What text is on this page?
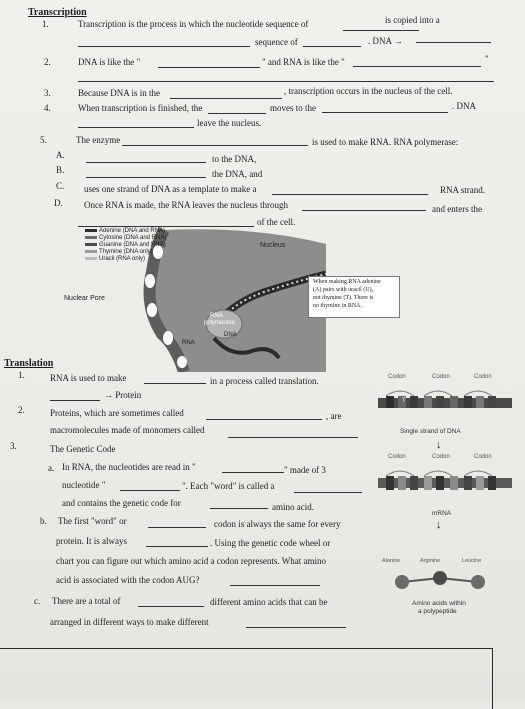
Transcription
1.	Transcription is the process in which the nucleotide sequence of	is copied into a
sequence of	. DNA →
2.	DNA is like the "	" and RNA is like the "	"
3.	Because DNA is in the	, transcription occurs in the nucleus of the cell.
4.	When transcription is finished, the	moves to the	. DNA
leave the nucleus.
5.	The enzyme	is used to make RNA. RNA polymerase:
A.	to the DNA,
B.	the DNA, and
C. uses one strand of DNA as a template to make a	RNA strand.
D. Once RNA is made, the RNA leaves the nucleus through	and enters the
of the cell.
Adenine (DNA and RNA)
Cytosine (DNA and RNA)
Guanine (DNA and RNA)
Thymine (DNA only)
Uracil (RNA only)
Nucleus
Nuclear Pore
RNA
polymerase
DNA
RNA
When making RNA adenine
(A) pairs with uracil (U),
not thymine (T). There is
no thymine in RNA.
Translation
1.	RNA is used to make	in a process called translation.
→ Protein
2.	Proteins, which are sometimes called	, are
macromolecules made of monomers called
3.	The Genetic Code
a. In RNA, the nucleotides are read in "	" made of 3
nucleotide "	". Each "word" is called a
and contains the genetic code for	amino acid.
b. The first "word" or	codon is always the same for every
protein. It is always	. Using the genetic code wheel or
chart you can figure out which amino acid a codon represents. What amino
acid is associated with the codon AUG?
c. There are a total of	different amino acids that can be
arranged in different ways to make different
Codon	Codon	Codon
T
Single strand of DNA
↓
Codon	Codon	Codon
mRNA
↓
Alanine	Arginine	Leucine
Amino acids within
a polypeptide
